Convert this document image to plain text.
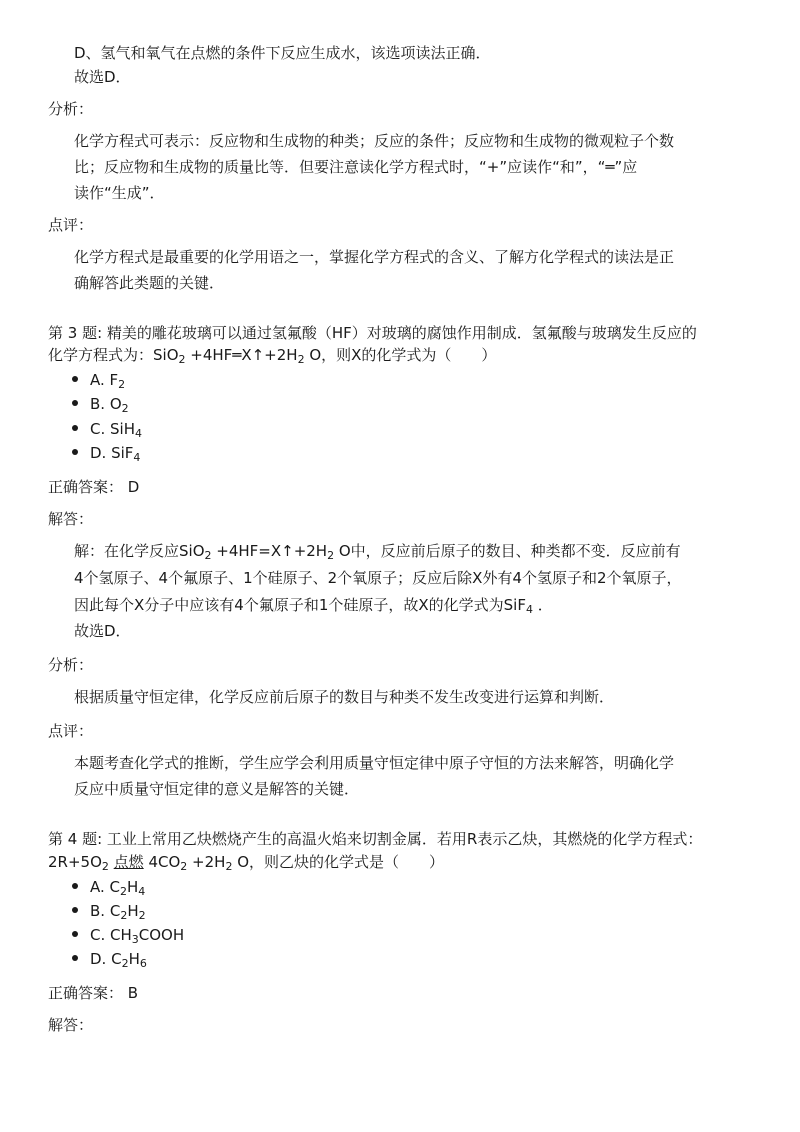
D、氢气和氧气在点燃的条件下反应生成水，该选项读法正确．
故选D．
分析：
化学方程式可表示：反应物和生成物的种类；反应的条件；反应物和生成物的微观粒子个数
比；反应物和生成物的质量比等．但要注意读化学方程式时，“+”应读作“和”，“═”应
读作“生成”．
点评：
化学方程式是最重要的化学用语之一，掌握化学方程式的含义、了解方化学程式的读法是正
确解答此类题的关键．
第 3 题: 精美的雕花玻璃可以通过氢氟酸（HF）对玻璃的腐蚀作用制成．氢氟酸与玻璃发生反应的
化学方程式为：$SiO_2 +4HF═X↑+2H_2$ O，则X的化学式为（　　）
A. $F_2$
B. $O_2$
C. SiH$_4$
D. SiF$_4$
正确答案： D
解答：
解：在化学反应$SiO_2 +4HF=X↑+2H_2$ O中，反应前后原子的数目、种类都不变．反应前有
4个氢原子、4个氟原子、1个硅原子、2个氧原子；反应后除X外有4个氢原子和2个氧原子，
因此每个X分子中应该有4个氟原子和1个硅原子，故X的化学式为SiF$_4$ ．
故选D．
分析：
根据质量守恒定律，化学反应前后原子的数目与种类不发生改变进行运算和判断．
点评：
本题考查化学式的推断，学生应学会利用质量守恒定律中原子守恒的方法来解答，明确化学
反应中质量守恒定律的意义是解答的关键．
第 4 题: 工业上常用乙炔燃烧产生的高温火焰来切割金属．若用R表示乙炔，其燃烧的化学方程式：
$2R+5O_2$ 点燃 $4CO_2 +2H_2$ O，则乙炔的化学式是（　　）
A. $C_2H_4$
B. $C_2H_2$
C. $CH_3COOH$
D. $C_2H_6$
正确答案： B
解答：
